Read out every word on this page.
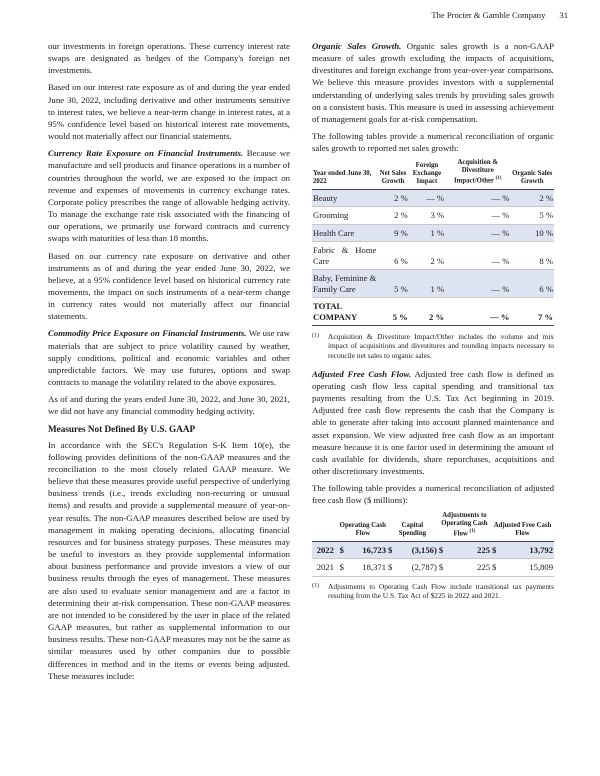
The Procter & Gamble Company 31

our investments in foreign operations. These currency interest rate swaps are designated as hedges of the Company's foreign net investments.

Based on our interest rate exposure as of and during the year ended June 30, 2022, including derivative and other instruments sensitive to interest rates, we believe a near-term change in interest rates, at a 95% confidence level based on historical interest rate movements, would not materially affect our financial statements.

Currency Rate Exposure on Financial Instruments. Because we manufacture and sell products and finance operations in a number of countries throughout the world, we are exposed to the impact on revenue and expenses of movements in currency exchange rates. Corporate policy prescribes the range of allowable hedging activity. To manage the exchange rate risk associated with the financing of our operations, we primarily use forward contracts and currency swaps with maturities of less than 18 months.

Based on our currency rate exposure on derivative and other instruments as of and during the year ended June 30, 2022, we believe, at a 95% confidence level based on historical currency rate movements, the impact on such instruments of a near-term change in currency rates would not materially affect our financial statements.

Commodity Price Exposure on Financial Instruments. We use raw materials that are subject to price volatility caused by weather, supply conditions, political and economic variables and other unpredictable factors. We may use futures, options and swap contracts to manage the volatility related to the above exposures.

As of and during the years ended June 30, 2022, and June 30, 2021, we did not have any financial commodity hedging activity.

Measures Not Defined By U.S. GAAP

In accordance with the SEC's Regulation S-K Item 10(e), the following provides definitions of the non-GAAP measures and the reconciliation to the most closely related GAAP measure. We believe that these measures provide useful perspective of underlying business trends (i.e., trends excluding non-recurring or unusual items) and results and provide a supplemental measure of year-on-year results. The non-GAAP measures described below are used by management in making operating decisions, allocating financial resources and for business strategy purposes. These measures may be useful to investors as they provide supplemental information about business performance and provide investors a view of our business results through the eyes of management. These measures are also used to evaluate senior management and are a factor in determining their at-risk compensation. These non-GAAP measures are not intended to be considered by the user in place of the related GAAP measures, but rather as supplemental information to our business results. These non-GAAP measures may not be the same as similar measures used by other companies due to possible differences in method and in the items or events being adjusted. These measures include:

Organic Sales Growth. Organic sales growth is a non-GAAP measure of sales growth excluding the impacts of acquisitions, divestitures and foreign exchange from year-over-year comparisons. We believe this measure provides investors with a supplemental understanding of underlying sales trends by providing sales growth on a consistent basis. This measure is used in assessing achievement of management goals for at-risk compensation.

The following tables provide a numerical reconciliation of organic sales growth to reported net sales growth:

Year ended June 30, 2022	Net Sales Growth	Foreign Exchange Impact	Acquisition & Divestiture Impact/Other $^{(1)}$	Organic Sales Growth
Beauty	2 %	— %	— %	2 %
Grooming	2 %	3 %	— %	5 %
Health Care	9 %	1 %	— %	10 %
Fabric & Home Care	6 %	2 %	— %	8 %
Baby, Feminine & Family Care	5 %	1 %	— %	6 %
TOTAL COMPANY	5 %	2 %	— %	7 %
(1)	Acquisition & Divestiture Impact/Other includes the volume and mix impact of acquisitions and divestitures and rounding impacts necessary to reconcile net sales to organic sales.

Adjusted Free Cash Flow. Adjusted free cash flow is defined as operating cash flow less capital spending and transitional tax payments resulting from the U.S. Tax Act beginning in 2019. Adjusted free cash flow represents the cash that the Company is able to generate after taking into account planned maintenance and asset expansion. We view adjusted free cash flow as an important measure because it is one factor used in determining the amount of cash available for dividends, share repurchases, acquisitions and other discretionary investments.

The following table provides a numerical reconciliation of adjusted free cash flow ($ millions):

	Operating Cash Flow		Capital Spending		Adjustments to Operating Cash Flow $^{(1)}$		Adjusted Free Cash Flow	
2022	$	16,723	$	(3,156)	$	225	$	13,792
2021	$	18,371	$	(2,787)	$	225	$	15,809
(1)	Adjustments to Operating Cash Flow include transitional tax payments resulting from the U.S. Tax Act of $225 in 2022 and 2021.
